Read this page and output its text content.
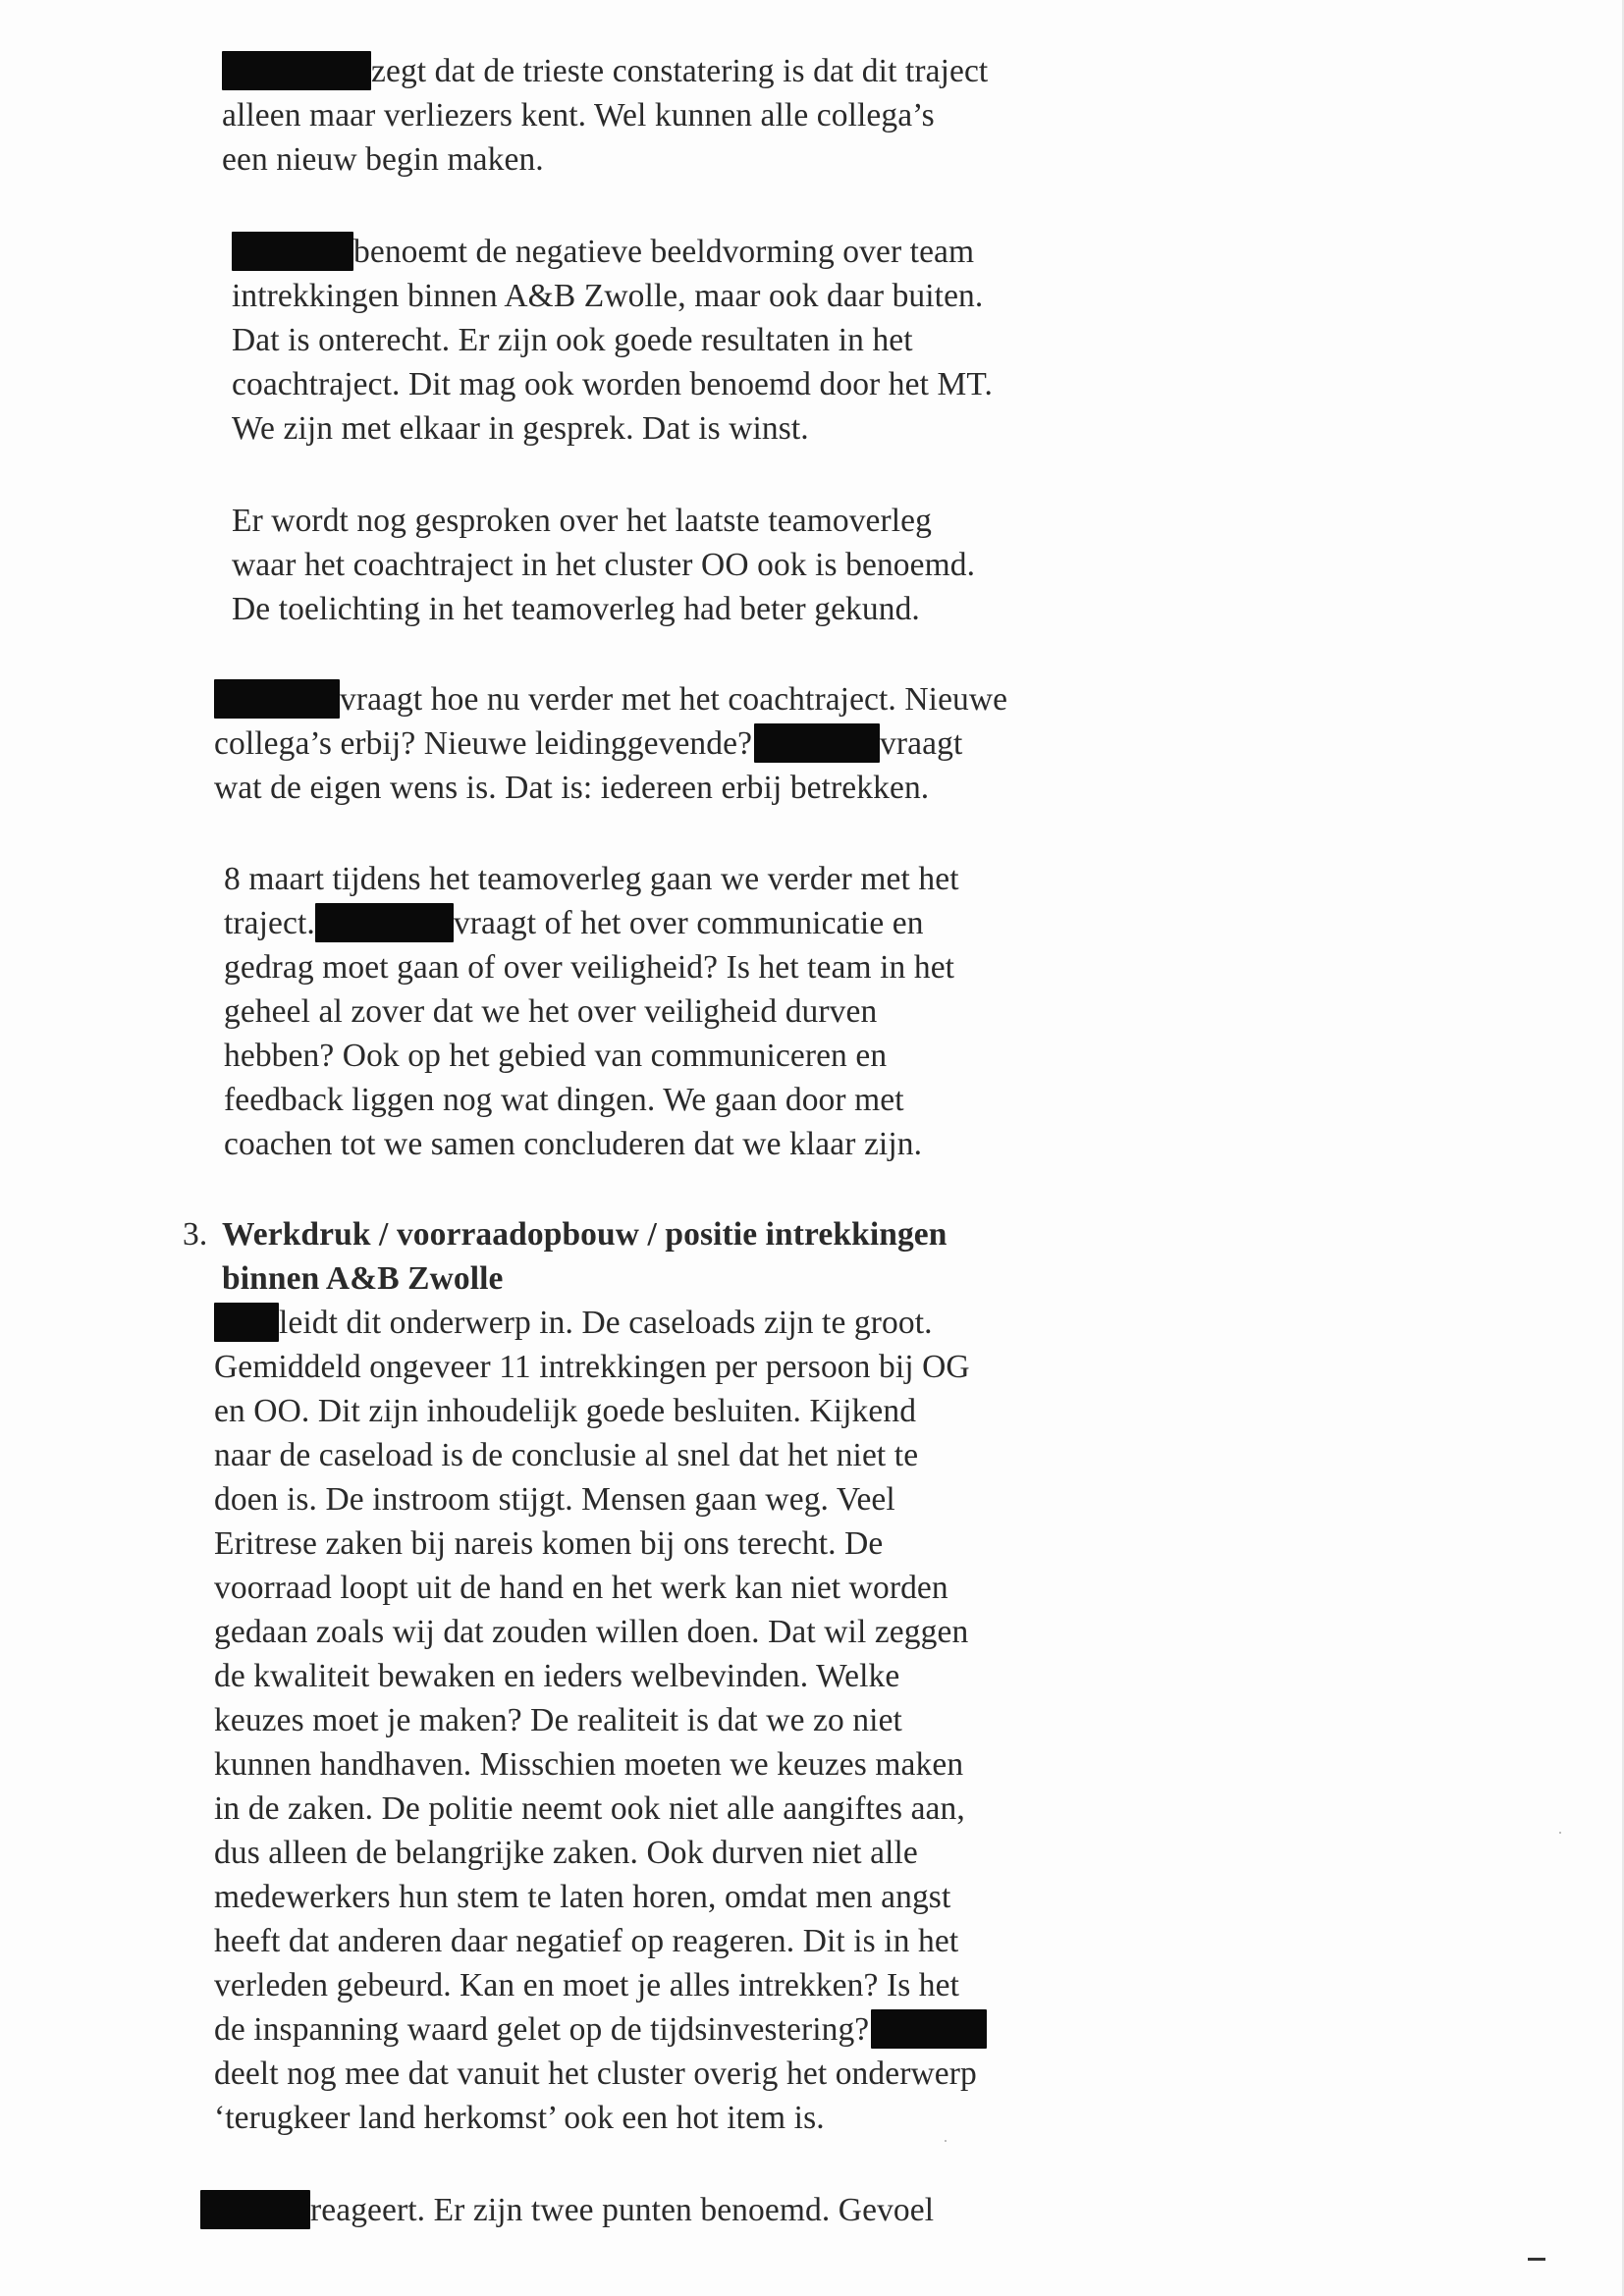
zegt dat de trieste constatering is dat dit traject
alleen maar verliezers kent. Wel kunnen alle collega’s
een nieuw begin maken.
benoemt de negatieve beeldvorming over team
intrekkingen binnen A&B Zwolle, maar ook daar buiten.
Dat is onterecht. Er zijn ook goede resultaten in het
coachtraject. Dit mag ook worden benoemd door het MT.
We zijn met elkaar in gesprek. Dat is winst.
Er wordt nog gesproken over het laatste teamoverleg
waar het coachtraject in het cluster OO ook is benoemd.
De toelichting in het teamoverleg had beter gekund.
vraagt hoe nu verder met het coachtraject. Nieuwe
collega’s erbij? Nieuwe leidinggevende?	vraagt
wat de eigen wens is. Dat is: iedereen erbij betrekken.
8 maart tijdens het teamoverleg gaan we verder met het
traject.	vraagt of het over communicatie en
gedrag moet gaan of over veiligheid? Is het team in het
geheel al zover dat we het over veiligheid durven
hebben? Ook op het gebied van communiceren en
feedback liggen nog wat dingen. We gaan door met
coachen tot we samen concluderen dat we klaar zijn.
3. Werkdruk / voorraadopbouw / positie intrekkingen
binnen A&B Zwolle
leidt dit onderwerp in. De caseloads zijn te groot.
Gemiddeld ongeveer 11 intrekkingen per persoon bij OG
en OO. Dit zijn inhoudelijk goede besluiten. Kijkend
naar de caseload is de conclusie al snel dat het niet te
doen is. De instroom stijgt. Mensen gaan weg. Veel
Eritrese zaken bij nareis komen bij ons terecht. De
voorraad loopt uit de hand en het werk kan niet worden
gedaan zoals wij dat zouden willen doen. Dat wil zeggen
de kwaliteit bewaken en ieders welbevinden. Welke
keuzes moet je maken? De realiteit is dat we zo niet
kunnen handhaven. Misschien moeten we keuzes maken
in de zaken. De politie neemt ook niet alle aangiftes aan,
dus alleen de belangrijke zaken. Ook durven niet alle
medewerkers hun stem te laten horen, omdat men angst
heeft dat anderen daar negatief op reageren. Dit is in het
verleden gebeurd. Kan en moet je alles intrekken? Is het
de inspanning waard gelet op de tijdsinvestering?
deelt nog mee dat vanuit het cluster overig het onderwerp
‘terugkeer land herkomst’ ook een hot item is.
reageert. Er zijn twee punten benoemd. Gevoel
